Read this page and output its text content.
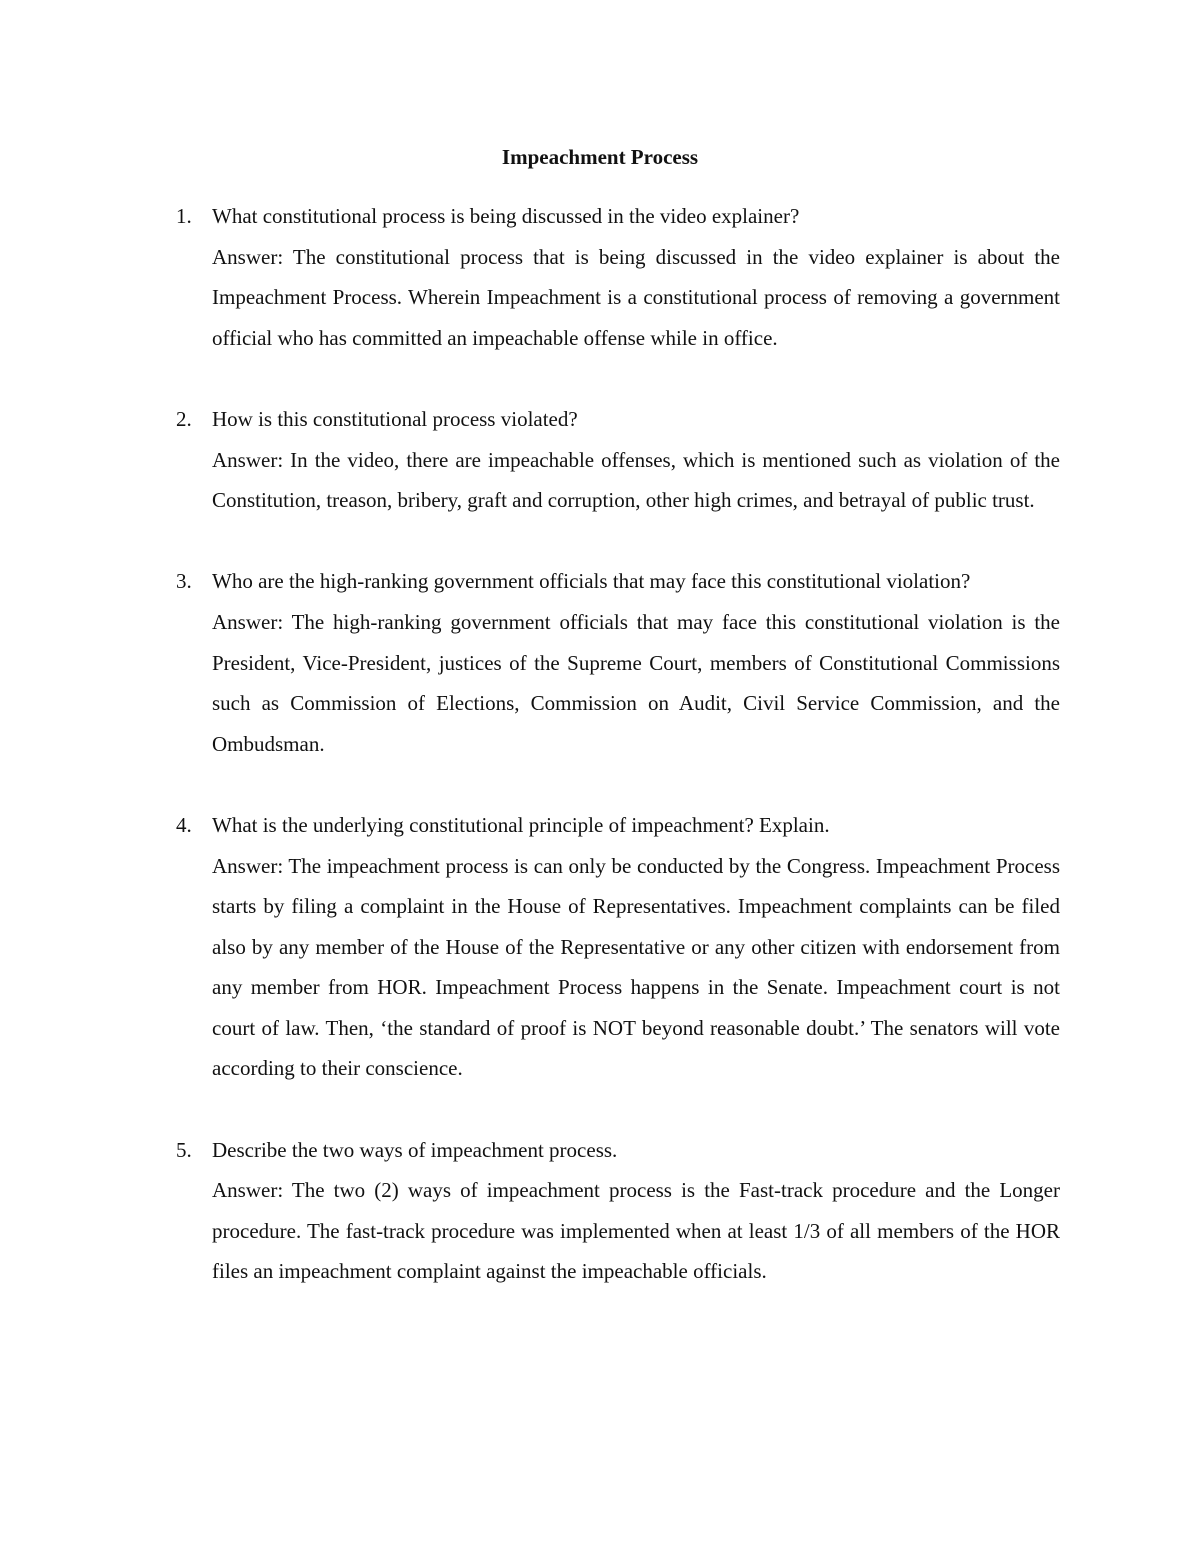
Impeachment Process
1. What constitutional process is being discussed in the video explainer?
Answer: The constitutional process that is being discussed in the video explainer is about the Impeachment Process. Wherein Impeachment is a constitutional process of removing a government official who has committed an impeachable offense while in office.
2. How is this constitutional process violated?
Answer: In the video, there are impeachable offenses, which is mentioned such as violation of the Constitution, treason, bribery, graft and corruption, other high crimes, and betrayal of public trust.
3. Who are the high-ranking government officials that may face this constitutional violation?
Answer: The high-ranking government officials that may face this constitutional violation is the President, Vice-President, justices of the Supreme Court, members of Constitutional Commissions such as Commission of Elections, Commission on Audit, Civil Service Commission, and the Ombudsman.
4. What is the underlying constitutional principle of impeachment? Explain.
Answer: The impeachment process is can only be conducted by the Congress. Impeachment Process starts by filing a complaint in the House of Representatives. Impeachment complaints can be filed also by any member of the House of the Representative or any other citizen with endorsement from any member from HOR. Impeachment Process happens in the Senate. Impeachment court is not court of law. Then, ‘the standard of proof is NOT beyond reasonable doubt.’ The senators will vote according to their conscience.
5. Describe the two ways of impeachment process.
Answer: The two (2) ways of impeachment process is the Fast-track procedure and the Longer procedure. The fast-track procedure was implemented when at least 1/3 of all members of the HOR files an impeachment complaint against the impeachable officials.
